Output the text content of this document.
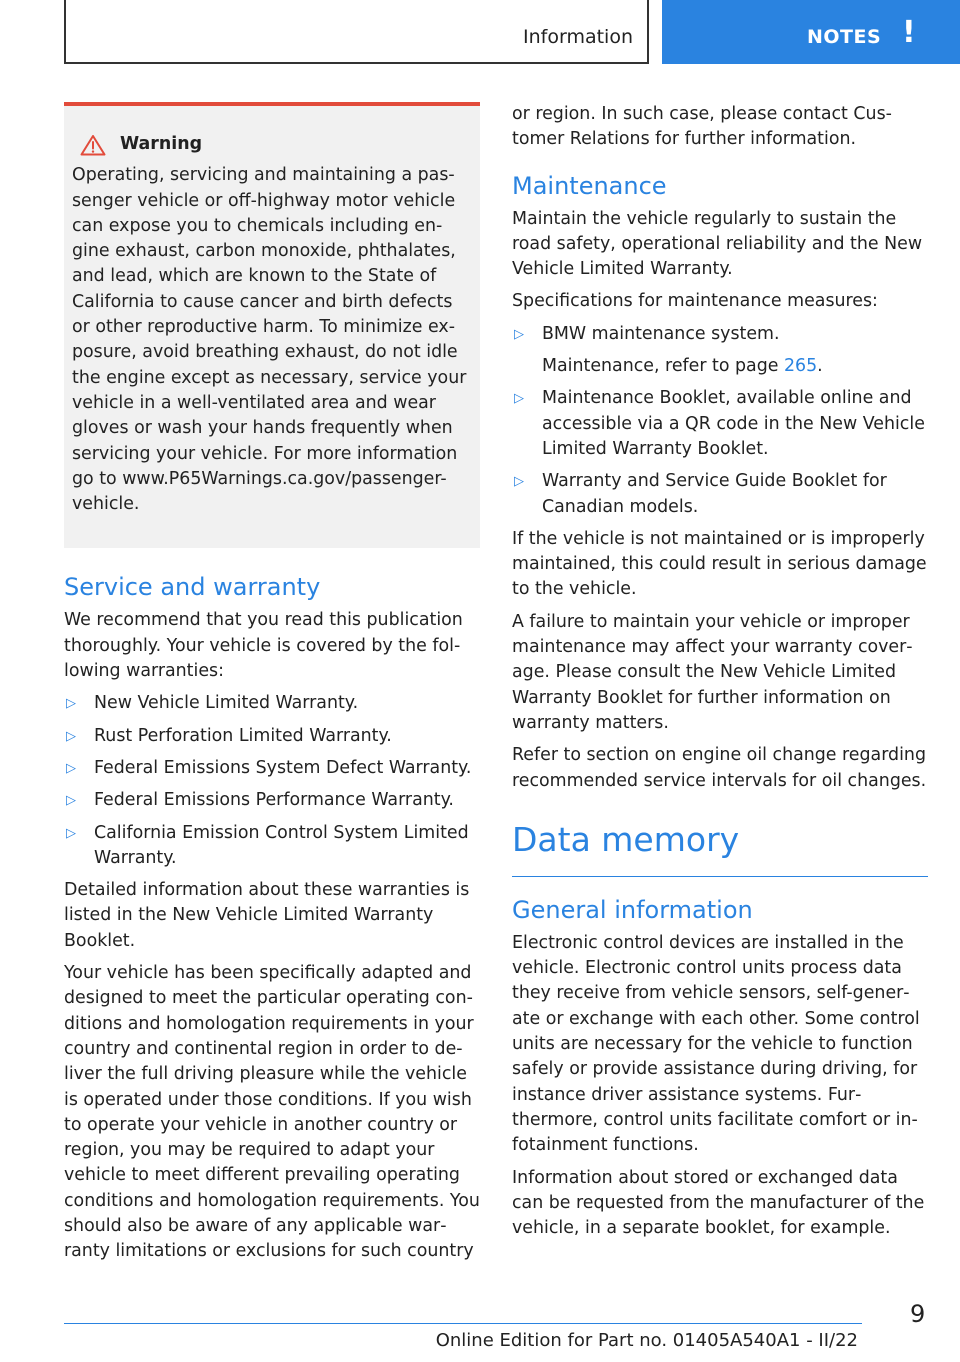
Information	NOTES !
Warning

Operating, servicing and maintaining a passenger vehicle or off-highway motor vehicle can expose you to chemicals including engine exhaust, carbon monoxide, phthalates, and lead, which are known to the State of California to cause cancer and birth defects or other reproductive harm. To minimize exposure, avoid breathing exhaust, do not idle the engine except as necessary, service your vehicle in a well-ventilated area and wear gloves or wash your hands frequently when servicing your vehicle. For more information go to www.P65Warnings.ca.gov/passenger-vehicle.

Service and warranty

We recommend that you read this publication thoroughly. Your vehicle is covered by the following warranties:

▷ New Vehicle Limited Warranty.
▷ Rust Perforation Limited Warranty.
▷ Federal Emissions System Defect Warranty.
▷ Federal Emissions Performance Warranty.
▷ California Emission Control System Limited Warranty.

Detailed information about these warranties is listed in the New Vehicle Limited Warranty Booklet.

Your vehicle has been specifically adapted and designed to meet the particular operating conditions and homologation requirements in your country and continental region in order to deliver the full driving pleasure while the vehicle is operated under those conditions. If you wish to operate your vehicle in another country or region, you may be required to adapt your vehicle to meet different prevailing operating conditions and homologation requirements. You should also be aware of any applicable warranty limitations or exclusions for such country

or region. In such case, please contact Customer Relations for further information.

Maintenance

Maintain the vehicle regularly to sustain the road safety, operational reliability and the New Vehicle Limited Warranty.

Specifications for maintenance measures:

▷ BMW maintenance system.
Maintenance, refer to page 265.
▷ Maintenance Booklet, available online and accessible via a QR code in the New Vehicle Limited Warranty Booklet.
▷ Warranty and Service Guide Booklet for Canadian models.

If the vehicle is not maintained or is improperly maintained, this could result in serious damage to the vehicle.

A failure to maintain your vehicle or improper maintenance may affect your warranty coverage. Please consult the New Vehicle Limited Warranty Booklet for further information on warranty matters.

Refer to section on engine oil change regarding recommended service intervals for oil changes.

Data memory
General information

Electronic control devices are installed in the vehicle. Electronic control units process data they receive from vehicle sensors, self-generate or exchange with each other. Some control units are necessary for the vehicle to function safely or provide assistance during driving, for instance driver assistance systems. Furthermore, control units facilitate comfort or infotainment functions.

Information about stored or exchanged data can be requested from the manufacturer of the vehicle, in a separate booklet, for example.

9
Online Edition for Part no. 01405A540A1 - II/22
